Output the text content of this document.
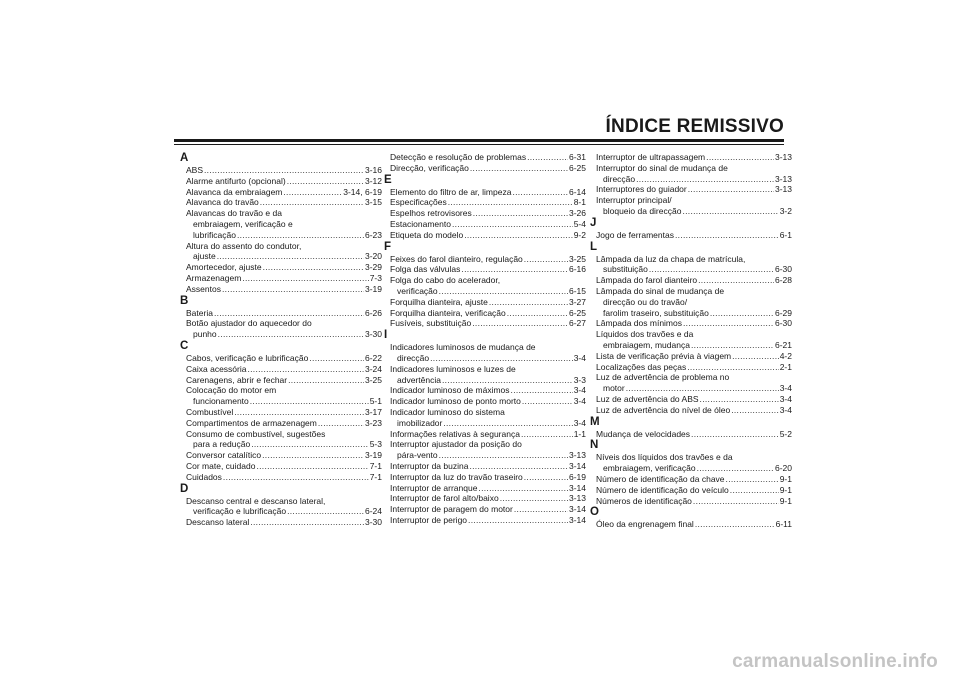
ÍNDICE REMISSIVO
A
ABS .....	3-16
Alarme antifurto (opcional) .....	3-12
Alavanca da embraiagem .....	3-14, 6-19
Alavanca do travão .....	3-15
Alavancas do travão e da
embraiagem, verificação e
lubrificação .....	6-23
Altura do assento do condutor,
ajuste .....	3-20
Amortecedor, ajuste .....	3-29
Armazenagem .....	7-3
Assentos .....	3-19
B
Bateria .....	6-26
Botão ajustador do aquecedor do
punho .....	3-30
C
Cabos, verificação e lubrificação .....	6-22
Caixa acessória .....	3-24
Carenagens, abrir e fechar .....	3-25
Colocação do motor em
funcionamento .....	5-1
Combustível .....	3-17
Compartimentos de armazenagem .....	3-23
Consumo de combustível, sugestões
para a redução .....	5-3
Conversor catalítico .....	3-19
Cor mate, cuidado .....	7-1
Cuidados .....	7-1
D
Descanso central e descanso lateral,
verificação e lubrificação .....	6-24
Descanso lateral .....	3-30
Detecção e resolução de problemas .....	6-31
Direcção, verificação .....	6-25
E
Elemento do filtro de ar, limpeza .....	6-14
Especificações .....	8-1
Espelhos retrovisores .....	3-26
Estacionamento .....	5-4
Etiqueta do modelo .....	9-2
F
Feixes do farol dianteiro, regulação .....	3-25
Folga das válvulas .....	6-16
Folga do cabo do acelerador,
verificação .....	6-15
Forquilha dianteira, ajuste .....	3-27
Forquilha dianteira, verificação .....	6-25
Fusíveis, substituição .....	6-27
I
Indicadores luminosos de mudança de
direcção .....	3-4
Indicadores luminosos e luzes de
advertência .....	3-3
Indicador luminoso de máximos .....	3-4
Indicador luminoso de ponto morto .....	3-4
Indicador luminoso do sistema
imobilizador .....	3-4
Informações relativas à segurança .....	1-1
Interruptor ajustador da posição do
pára-vento .....	3-13
Interruptor da buzina .....	3-14
Interruptor da luz do travão traseiro .....	6-19
Interruptor de arranque .....	3-14
Interruptor de farol alto/baixo .....	3-13
Interruptor de paragem do motor .....	3-14
Interruptor de perigo .....	3-14
Interruptor de ultrapassagem .....	3-13
Interruptor do sinal de mudança de
direcção .....	3-13
Interruptores do guiador .....	3-13
Interruptor principal/
bloqueio da direcção .....	3-2
J
Jogo de ferramentas .....	6-1
L
Lâmpada da luz da chapa de matrícula,
substituição .....	6-30
Lâmpada do farol dianteiro .....	6-28
Lâmpada do sinal de mudança de
direcção ou do travão/
farolim traseiro, substituição .....	6-29
Lâmpada dos mínimos .....	6-30
Líquidos dos travões e da
embraiagem, mudança .....	6-21
Lista de verificação prévia à viagem .....	4-2
Localizações das peças .....	2-1
Luz de advertência de problema no
motor .....	3-4
Luz de advertência do ABS .....	3-4
Luz de advertência do nível de óleo .....	3-4
M
Mudança de velocidades .....	5-2
N
Níveis dos líquidos dos travões e da
embraiagem, verificação .....	6-20
Número de identificação da chave .....	9-1
Número de identificação do veículo .....	9-1
Números de identificação .....	9-1
O
Óleo da engrenagem final .....	6-11
carmanualsonline.info
